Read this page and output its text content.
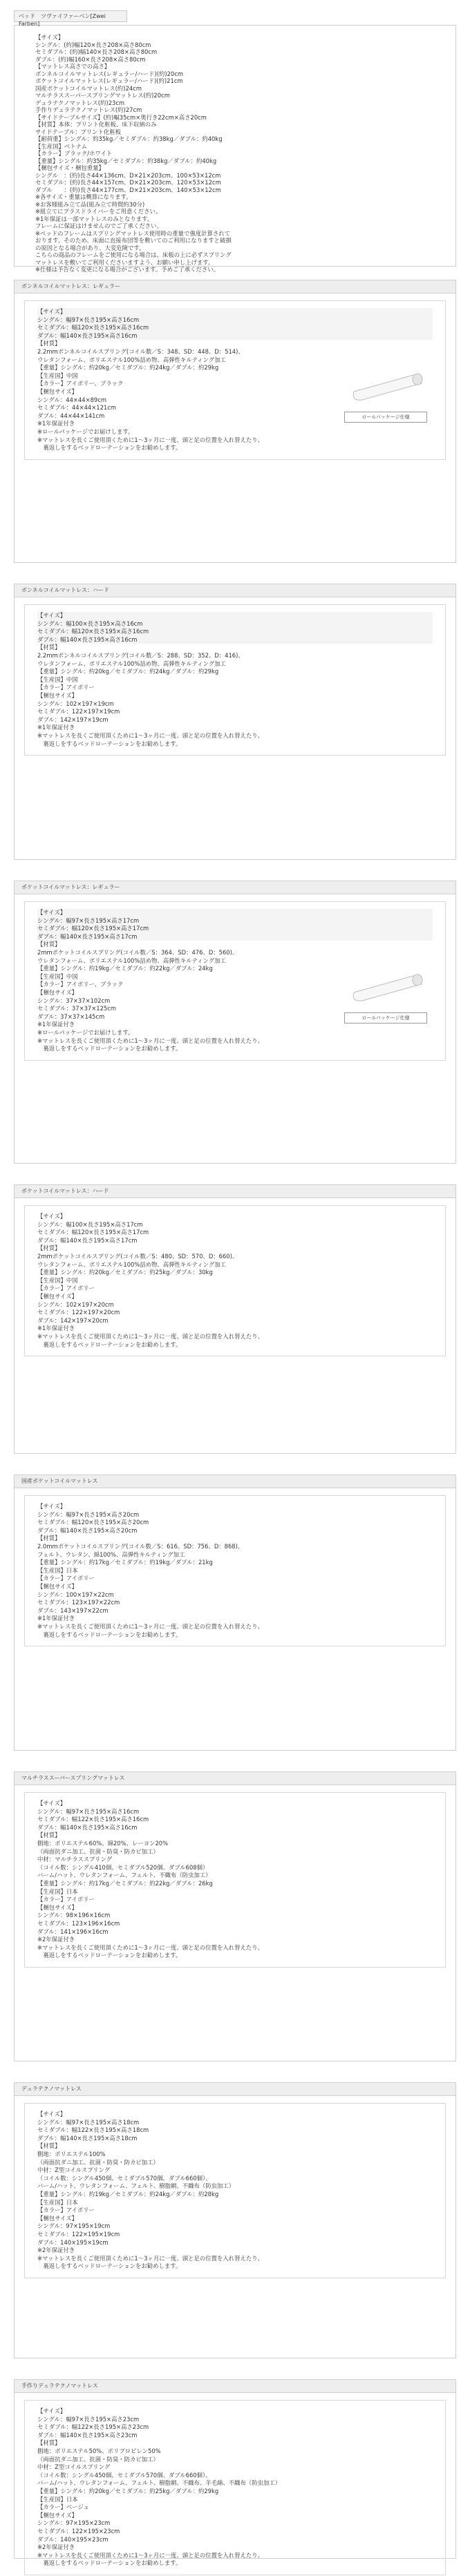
ベッド　ツヴァイファーベン[Zwei Farben]
【サイズ】
シングル：(約)幅120×長さ208×高さ80cm
セミダブル：(約)幅140×長さ208×高さ80cm
ダブル：(約)幅160×長さ208×高さ80cm
【マットレス高さでの高さ】
ボンネルコイルマットレス(レギュラー/ハード)(約)20cm
ポケットコイルマットレス(レギュラー/ハード)(約)21cm
国産ポケットコイルマットレス(約)24cm
マルチラススーパースプリングマットレス(約)20cm
デュラテクノマットレス(約)23cm
手作りデュラテクノマットレス(約)27cm
【サイドテーブルサイズ】(約)幅35cm×奥行き22cm×高さ20cm
【材質】本体：プリント化粧板、床下収納のみ
サイドテーブル：プリント化粧板
【耐荷重】シングル：約35kg／セミダブル：約38kg／ダブル：約40kg
【生産国】ベトナム
【カラー】ブラック/ホワイト
【重量】シングル：約35kg／セミダブル：約38kg／ダブル：約40kg
【梱包サイズ・梱包重量】
シングル　：(約)長さ44×136cm、D×21×203cm、100×53×12cm
セミダブル：(約)長さ44×157cm、D×21×203cm、120×53×12cm
ダブル　　：(約)長さ44×177cm、D×21×203cm、140×53×12cm
※各サイズ・重量は概算になります。
※お客様組み立て品(組み立て時間約30分)
※組立てにプラスドライバーをご用意ください。
※1年保証は一部マットレスのみとなります。
フレームに保証はけませんのでご了承ください。
※ベッドのフレームはスプリングマットレス使用時の重量で強度計算されて
おります。そのため、床面に直接布団等を敷いてのご利用になりますと破損
の原因となる場合があり、大変危険です。
こちらの商品のフレームをご使用になる場合は、床板の上に必ずスプリング
マットレスを敷いてご利用くださいますよう、お願い申し上げます。
※仕様は予告なく変更になる場合がございます。予めご了承ください。
ボンネルコイルマットレス：レギュラー
【サイズ】
シングル：幅97×長さ195×高さ16cm
セミダブル：幅120×長さ195×高さ16cm
ダブル：幅140×長さ195×高さ16cm
【材質】
2.2mmボンネルコイルスプリング(コイル数／S：348、SD：448、D：514)、
ウレタンフォーム、ポリエステル100%詰め物、高弾性キルティング加工
【重量】シングル：約20kg／セミダブル：約24kg／ダブル：約29kg
【生産国】中国
【カラー】アイボリー、ブラック
【梱包サイズ】
シングル：44×44×89cm
セミダブル：44×44×121cm
ダブル：44×44×141cm
※1年保証付き
※ロールパッケージでお届けします。
※マットレスを長くご使用頂くために1〜3ヶ月に一度、頭と足の位置を入れ替えたり、
　裏返しをするベッドローテーションをお勧めします。
ロールパッケージ仕様
ボンネルコイルマットレス：ハード
【サイズ】
シングル：幅100×長さ195×高さ16cm
セミダブル：幅120×長さ195×高さ16cm
ダブル：幅140×長さ195×高さ16cm
【材質】
2.2mmボンネルコイルスプリング(コイル数／S：288、SD：352、D：416)、
ウレタンフォーム、ポリエステル100%詰め物、高弾性キルティング加工
【重量】シングル：約20kg／セミダブル：約24kg／ダブル：約29kg
【生産国】中国
【カラー】アイボリー
【梱包サイズ】
シングル：102×197×19cm
セミダブル：122×197×19cm
ダブル：142×197×19cm
※1年保証付き
※マットレスを長くご使用頂くために1〜3ヶ月に一度、頭と足の位置を入れ替えたり、
　裏返しをするベッドローテーションをお勧めします。
ポケットコイルマットレス：レギュラー
【サイズ】
シングル：幅97×長さ195×高さ17cm
セミダブル：幅120×長さ195×高さ17cm
ダブル：幅140×長さ195×高さ17cm
【材質】
2mmポケットコイルスプリング(コイル数／S：364、SD：476、D：560)、
ウレタンフォーム、ポリエステル100%詰め物、高弾性キルティング加工
【重量】シングル：約19kg／セミダブル：約22kg／ダブル：24kg
【生産国】中国
【カラー】アイボリー、ブラック
【梱包サイズ】
シングル：37×37×102cm
セミダブル：37×37×125cm
ダブル：37×37×145cm
※1年保証付き
※ロールパッケージでお届けします。
※マットレスを長くご使用頂くために1〜3ヶ月に一度、頭と足の位置を入れ替えたり、
　裏返しをするベッドローテーションをお勧めします。
ロールパッケージ仕様
ポケットコイルマットレス：ハード
【サイズ】
シングル：幅100×長さ195×高さ17cm
セミダブル：幅120×長さ195×高さ17cm
ダブル：幅140×長さ195×高さ17cm
【材質】
2mmポケットコイルスプリング(コイル数／S：480、SD：570、D：660)、
ウレタンフォーム、ポリエステル100%詰め物、高弾性キルティング加工
【重量】シングル：約20kg／セミダブル：約25kg／ダブル：30kg
【生産国】中国
【カラー】アイボリー
【梱包サイズ】
シングル：102×197×20cm
セミダブル：122×197×20cm
ダブル：142×197×20cm
※1年保証付き
※マットレスを長くご使用頂くために1〜3ヶ月に一度、頭と足の位置を入れ替えたり、
　裏返しをするベッドローテーションをお勧めします。
国産ポケットコイルマットレス
【サイズ】
シングル：幅97×長さ195×高さ20cm
セミダブル：幅120×長さ195×高さ20cm
ダブル：幅140×長さ195×高さ20cm
【材質】
2.0mmポケットコイルスプリング(コイル数／S：616、SD：756、D：868)、
フェルト、ウレタン、綿100%、高弾性キルティング加工
【重量】シングル：約17kg／セミダブル：約19kg／ダブル：21kg
【生産国】日本
【カラー】アイボリー
【梱包サイズ】
シングル：100×197×22cm
セミダブル：123×197×22cm
ダブル：143×197×22cm
※1年保証付き
※マットレスを長くご使用頂くために1〜3ヶ月に一度、頭と足の位置を入れ替えたり、
　裏返しをするベッドローテーションをお勧めします。
マルチラススーパースプリングマットレス
【サイズ】
シングル：幅97×長さ195×高さ16cm
セミダブル：幅122×長さ195×高さ16cm
ダブル：幅140×長さ195×高さ16cm
【材質】
側地：ポリエステル60%、綿20%、レーヨン20%
（両面抗ダニ加工、抗菌・防臭・防カビ加工）
中材：マルチラススプリング
（コイル数：シングル410個、セミダブル520個、ダブル608個）
バーム/ハット、ウレタンフォーム、フェルト、不織布（防虫加工）
【重量】シングル：約17kg／セミダブル：約22kg／ダブル：26kg
【生産国】日本
【カラー】アイボリー
【梱包サイズ】
シングル：98×196×16cm
セミダブル：123×196×16cm
ダブル：141×196×16cm
※2年保証付き
※マットレスを長くご使用頂くために1〜3ヶ月に一度、頭と足の位置を入れ替えたり、
　裏返しをするベッドローテーションをお勧めします。
デュラテクノマットレス
【サイズ】
シングル：幅97×長さ195×高さ18cm
セミダブル：幅122×長さ195×高さ18cm
ダブル：幅140×長さ195×高さ18cm
【材質】
側地：ポリエステル100%
（両面抗ダニ加工、抗菌・防臭・防カビ加工）
中材：Z型コイルスプリング
（コイル数：シングル450個、セミダブル570個、ダブル660個）、
バーム/ハット、ウレタンフォーム、フェルト、樹脂網、不織布（防虫加工）
【重量】シングル：約19kg／セミダブル：約24kg／ダブル：約28kg
【生産国】日本
【カラー】アイボリー
【梱包サイズ】
シングル：97×195×19cm
セミダブル：122×195×19cm
ダブル：140×195×19cm
※2年保証付き
※マットレスを長くご使用頂くために1〜3ヶ月に一度、頭と足の位置を入れ替えたり、
　裏返しをするベッドローテーションをお勧めします。
手作りデュラテクノマットレス
【サイズ】
シングル：幅97×長さ195×高さ23cm
セミダブル：幅122×長さ195×高さ23cm
ダブル：幅140×長さ195×高さ23cm
【材質】
側地：ポリエステル50%、ポリプロピレン50%
（両面抗ダニ加工、抗菌・防臭・防カビ加工）
中材：Z型コイルスプリング
（コイル数：シングル450個、セミダブル570個、ダブル660個）、
バーム/ハット、ウレタンフォーム、フェルト、樹脂網、不織布、羊毛綿、不織布（防虫加工）
【重量】シングル：約20kg／セミダブル：約25kg／ダブル：約29kg
【生産国】日本
【カラー】ベージュ
【梱包サイズ】
シングル：97×195×23cm
セミダブル：122×195×23cm
ダブル：140×195×23cm
※2年保証付き
※マットレスを長くご使用頂くために1〜3ヶ月に一度、頭と足の位置を入れ替えたり、
　裏返しをするベッドローテーションをお勧めします。
